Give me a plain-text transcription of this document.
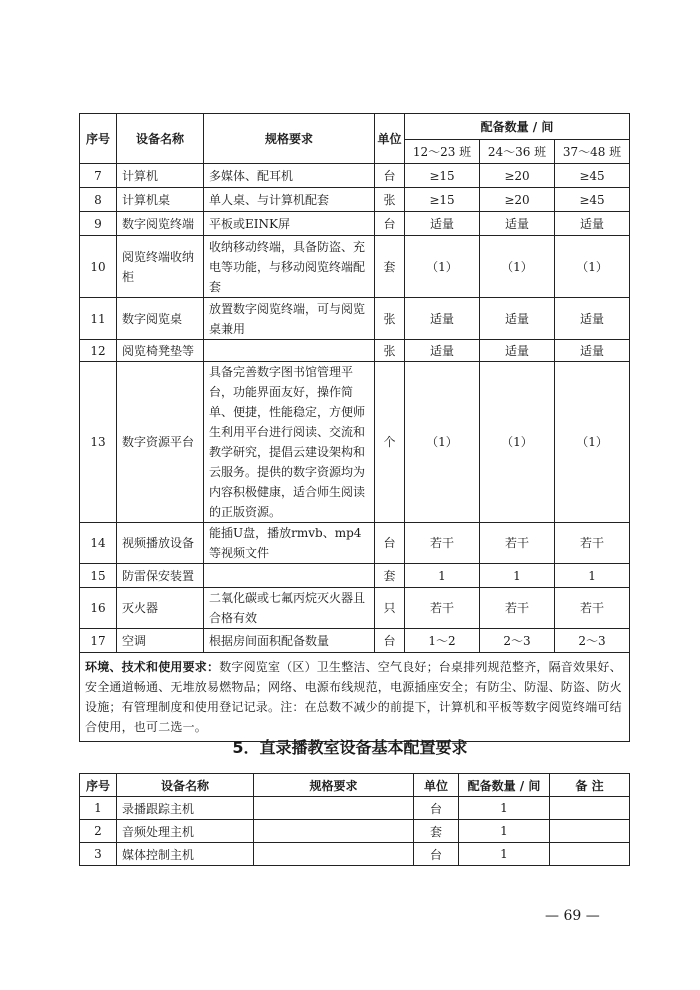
序号	设备名称	规格要求	单位	配备数量 / 间		
				12～23 班	24～36 班	37～48 班
7	计算机	多媒体、配耳机	台	≥15	≥20	≥45
8	计算机桌	单人桌、与计算机配套	张	≥15	≥20	≥45
9	数字阅览终端	平板或EINK屏	台	适量	适量	适量
10	阅览终端收纳柜	收纳移动终端，具备防盗、充电等功能，与移动阅览终端配套	套	（1）	（1）	（1）
11	数字阅览桌	放置数字阅览终端，可与阅览桌兼用	张	适量	适量	适量
12	阅览椅凳垫等		张	适量	适量	适量
13	数字资源平台	具备完善数字图书馆管理平台，功能界面友好，操作简单、便捷，性能稳定，方便师生利用平台进行阅读、交流和教学研究，提倡云建设架构和云服务。提供的数字资源均为内容积极健康，适合师生阅读的正版资源。	个	（1）	（1）	（1）
14	视频播放设备	能插U盘，播放rmvb、mp4等视频文件	台	若干	若干	若干
15	防雷保安装置		套	1	1	1
16	灭火器	二氧化碳或七氟丙烷灭火器且合格有效	只	若干	若干	若干
17	空调	根据房间面积配备数量	台	1～2	2～3	2～3
环境、技术和使用要求：数字阅览室（区）卫生整洁、空气良好；台桌排列规范整齐，隔音效果好、安全通道畅通、无堆放易燃物品；网络、电源布线规范，电源插座安全；有防尘、防湿、防盗、防火设施；有管理制度和使用登记记录。注：在总数不减少的前提下，计算机和平板等数字阅览终端可结合使用，也可二选一。						
5．直录播教室设备基本配置要求
序号	设备名称	规格要求	单位	配备数量 / 间	备 注
1	录播跟踪主机		台	1	
2	音频处理主机		套	1	
3	媒体控制主机		台	1	
— 69 —
